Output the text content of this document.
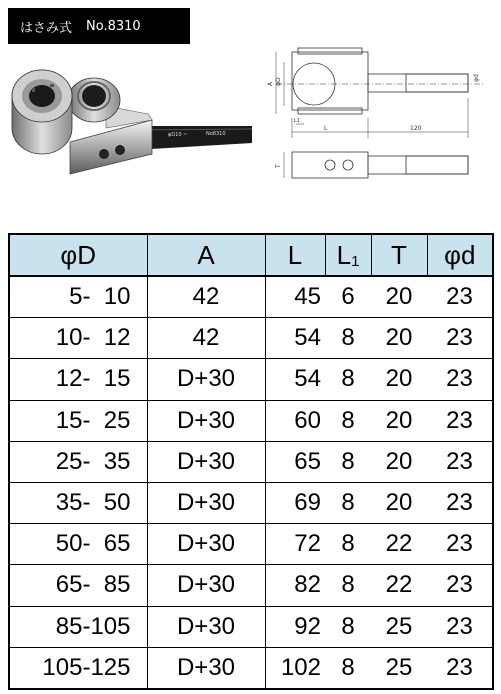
はさみ式 No.8310
φD10 ~	No8310
φD
A
L
L1
120
φd
T
φD	A	L	L1	T	φd
5-  10	42	45	6	20	23
10-  12	42	54	8	20	23
12-  15	D+30	54	8	20	23
15-  25	D+30	60	8	20	23
25-  35	D+30	65	8	20	23
35-  50	D+30	69	8	20	23
50-  65	D+30	72	8	22	23
65-  85	D+30	82	8	22	23
85-105	D+30	92	8	25	23
105-125	D+30	102	8	25	23
